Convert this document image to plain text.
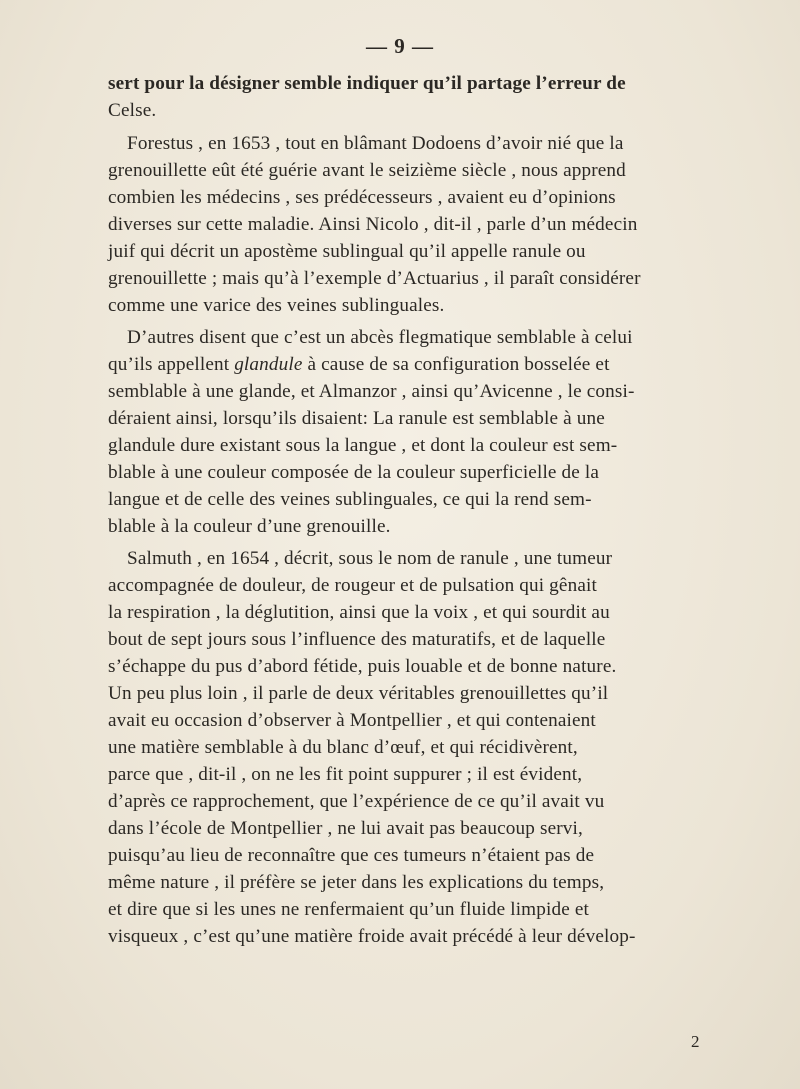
— 9 —
sert pour la désigner semble indiquer qu’il partage l’erreur de
Celse.
Forestus , en 1653 , tout en blâmant Dodoens d’avoir nié que la
grenouillette eût été guérie avant le seizième siècle , nous apprend
combien les médecins , ses prédécesseurs , avaient eu d’opinions
diverses sur cette maladie. Ainsi Nicolo , dit-il , parle d’un médecin
juif qui décrit un apostème sublingual qu’il appelle ranule ou
grenouillette ; mais qu’à l’exemple d’Actuarius , il paraît considérer
comme une varice des veines sublinguales.
D’autres disent que c’est un abcès flegmatique semblable à celui
qu’ils appellent glandule à cause de sa configuration bosselée et
semblable à une glande, et Almanzor , ainsi qu’Avicenne , le consi-
déraient ainsi, lorsqu’ils disaient: La ranule est semblable à une
glandule dure existant sous la langue , et dont la couleur est sem-
blable à une couleur composée de la couleur superficielle de la
langue et de celle des veines sublinguales, ce qui la rend sem-
blable à la couleur d’une grenouille.
Salmuth , en 1654 , décrit, sous le nom de ranule , une tumeur
accompagnée de douleur, de rougeur et de pulsation qui gênait
la respiration , la déglutition, ainsi que la voix , et qui sourdit au
bout de sept jours sous l’influence des maturatifs, et de laquelle
s’échappe du pus d’abord fétide, puis louable et de bonne nature.
Un peu plus loin , il parle de deux véritables grenouillettes qu’il
avait eu occasion d’observer à Montpellier , et qui contenaient
une matière semblable à du blanc d’œuf, et qui récidivèrent,
parce que , dit-il , on ne les fit point suppurer ; il est évident,
d’après ce rapprochement, que l’expérience de ce qu’il avait vu
dans l’école de Montpellier , ne lui avait pas beaucoup servi,
puisqu’au lieu de reconnaître que ces tumeurs n’étaient pas de
même nature , il préfère se jeter dans les explications du temps,
et dire que si les unes ne renfermaient qu’un fluide limpide et
visqueux , c’est qu’une matière froide avait précédé à leur dévelop-
2
